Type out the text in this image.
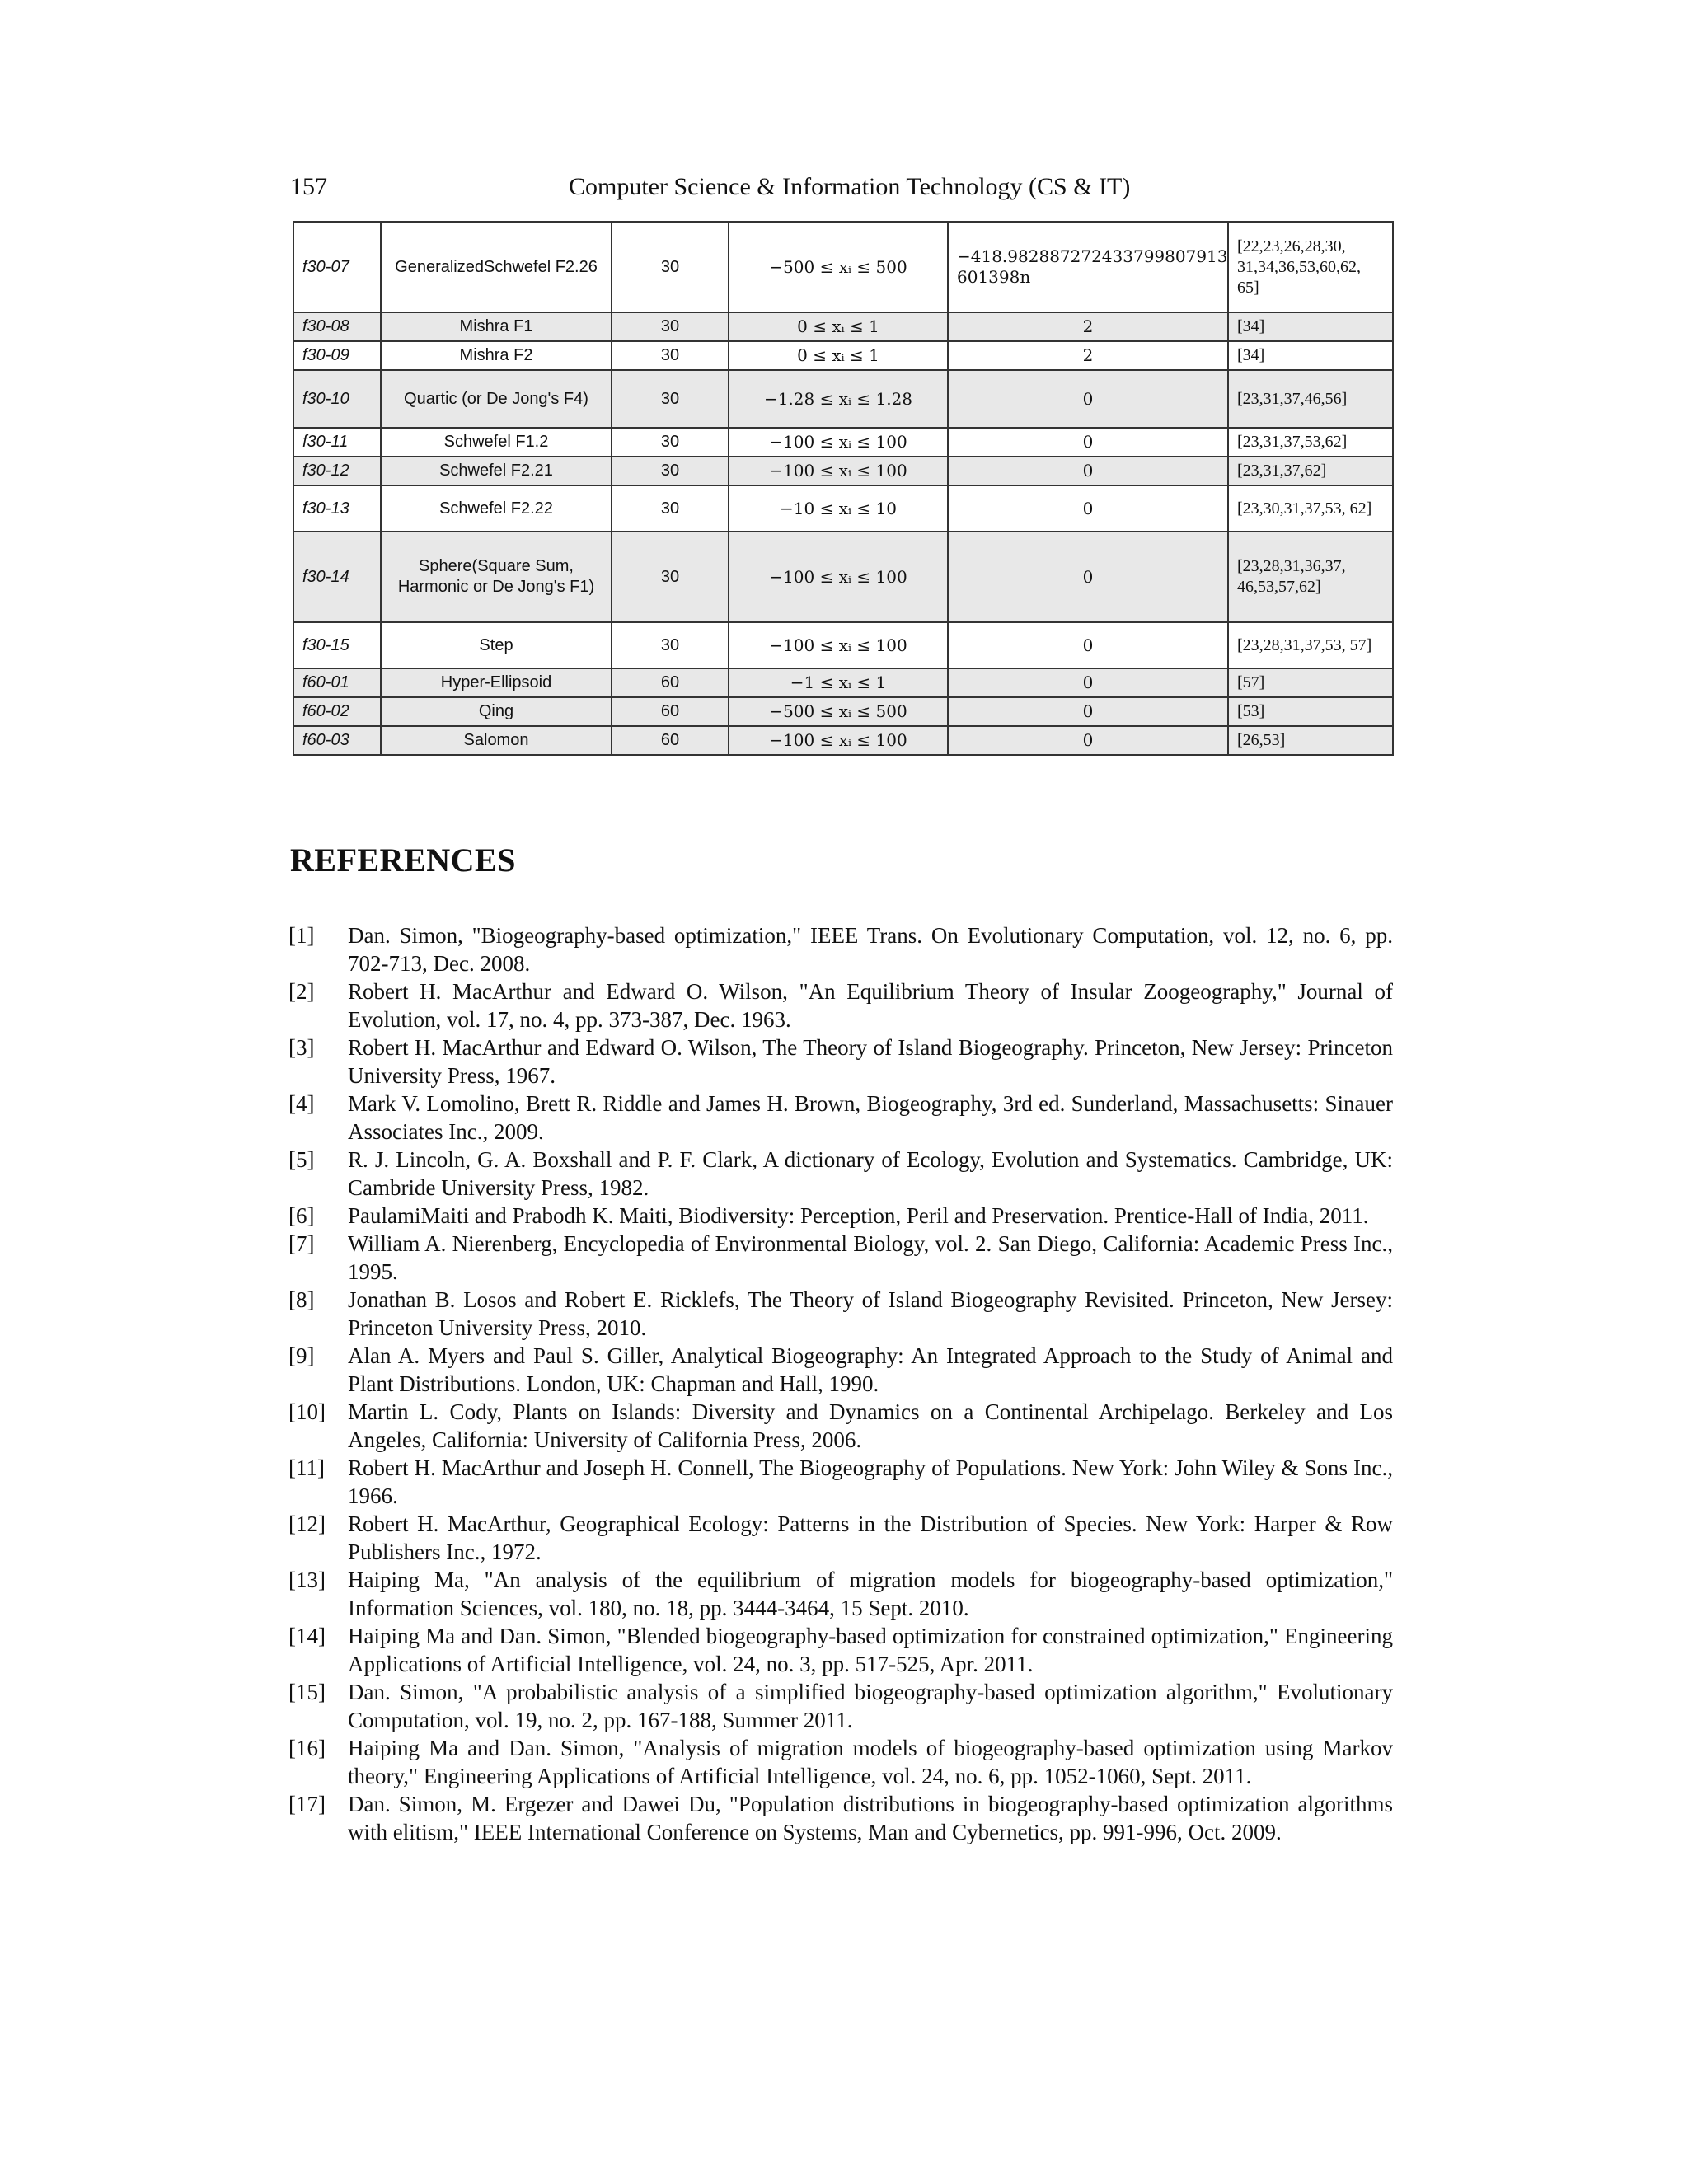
157	Computer Science & Information Technology (CS & IT)
f30-07	GeneralizedSchwefel F2.26	30	−500 ≤ xᵢ ≤ 500	−418.982887272433799807913 601398n	[22,23,26,28,30, 31,34,36,53,60,62, 65]
f30-08	Mishra F1	30	0 ≤ xᵢ ≤ 1	2	[34]
f30-09	Mishra F2	30	0 ≤ xᵢ ≤ 1	2	[34]
f30-10	Quartic (or De Jong's F4)	30	−1.28 ≤ xᵢ ≤ 1.28	0	[23,31,37,46,56]
f30-11	Schwefel F1.2	30	−100 ≤ xᵢ ≤ 100	0	[23,31,37,53,62]
f30-12	Schwefel F2.21	30	−100 ≤ xᵢ ≤ 100	0	[23,31,37,62]
f30-13	Schwefel F2.22	30	−10 ≤ xᵢ ≤ 10	0	[23,30,31,37,53, 62]
f30-14	Sphere(Square Sum, Harmonic or De Jong's F1)	30	−100 ≤ xᵢ ≤ 100	0	[23,28,31,36,37, 46,53,57,62]
f30-15	Step	30	−100 ≤ xᵢ ≤ 100	0	[23,28,31,37,53, 57]
f60-01	Hyper-Ellipsoid	60	−1 ≤ xᵢ ≤ 1	0	[57]
f60-02	Qing	60	−500 ≤ xᵢ ≤ 500	0	[53]
f60-03	Salomon	60	−100 ≤ xᵢ ≤ 100	0	[26,53]
REFERENCES
[1]	Dan. Simon, "Biogeography-based optimization," IEEE Trans. On Evolutionary Computation, vol. 12, no. 6, pp. 702-713, Dec. 2008.
[2]	Robert H. MacArthur and Edward O. Wilson, "An Equilibrium Theory of Insular Zoogeography," Journal of Evolution, vol. 17, no. 4, pp. 373-387, Dec. 1963.
[3]	Robert H. MacArthur and Edward O. Wilson, The Theory of Island Biogeography. Princeton, New Jersey: Princeton University Press, 1967.
[4]	Mark V. Lomolino, Brett R. Riddle and James H. Brown, Biogeography, 3rd ed. Sunderland, Massachusetts: Sinauer Associates Inc., 2009.
[5]	R. J. Lincoln, G. A. Boxshall and P. F. Clark, A dictionary of Ecology, Evolution and Systematics. Cambridge, UK: Cambride University Press, 1982.
[6]	PaulamiMaiti and Prabodh K. Maiti, Biodiversity: Perception, Peril and Preservation. Prentice-Hall of India, 2011.
[7]	William A. Nierenberg, Encyclopedia of Environmental Biology, vol. 2. San Diego, California: Academic Press Inc., 1995.
[8]	Jonathan B. Losos and Robert E. Ricklefs, The Theory of Island Biogeography Revisited. Princeton, New Jersey: Princeton University Press, 2010.
[9]	Alan A. Myers and Paul S. Giller, Analytical Biogeography: An Integrated Approach to the Study of Animal and Plant Distributions. London, UK: Chapman and Hall, 1990.
[10]	Martin L. Cody, Plants on Islands: Diversity and Dynamics on a Continental Archipelago. Berkeley and Los Angeles, California: University of California Press, 2006.
[11]	Robert H. MacArthur and Joseph H. Connell, The Biogeography of Populations. New York: John Wiley & Sons Inc., 1966.
[12]	Robert H. MacArthur, Geographical Ecology: Patterns in the Distribution of Species. New York: Harper & Row Publishers Inc., 1972.
[13]	Haiping Ma, "An analysis of the equilibrium of migration models for biogeography-based optimization," Information Sciences, vol. 180, no. 18, pp. 3444-3464, 15 Sept. 2010.
[14]	Haiping Ma and Dan. Simon, "Blended biogeography-based optimization for constrained optimization," Engineering Applications of Artificial Intelligence, vol. 24, no. 3, pp. 517-525, Apr. 2011.
[15]	Dan. Simon, "A probabilistic analysis of a simplified biogeography-based optimization algorithm," Evolutionary Computation, vol. 19, no. 2, pp. 167-188, Summer 2011.
[16]	Haiping Ma and Dan. Simon, "Analysis of migration models of biogeography-based optimization using Markov theory," Engineering Applications of Artificial Intelligence, vol. 24, no. 6, pp. 1052-1060, Sept. 2011.
[17]	Dan. Simon, M. Ergezer and Dawei Du, "Population distributions in biogeography-based optimization algorithms with elitism," IEEE International Conference on Systems, Man and Cybernetics, pp. 991-996, Oct. 2009.
